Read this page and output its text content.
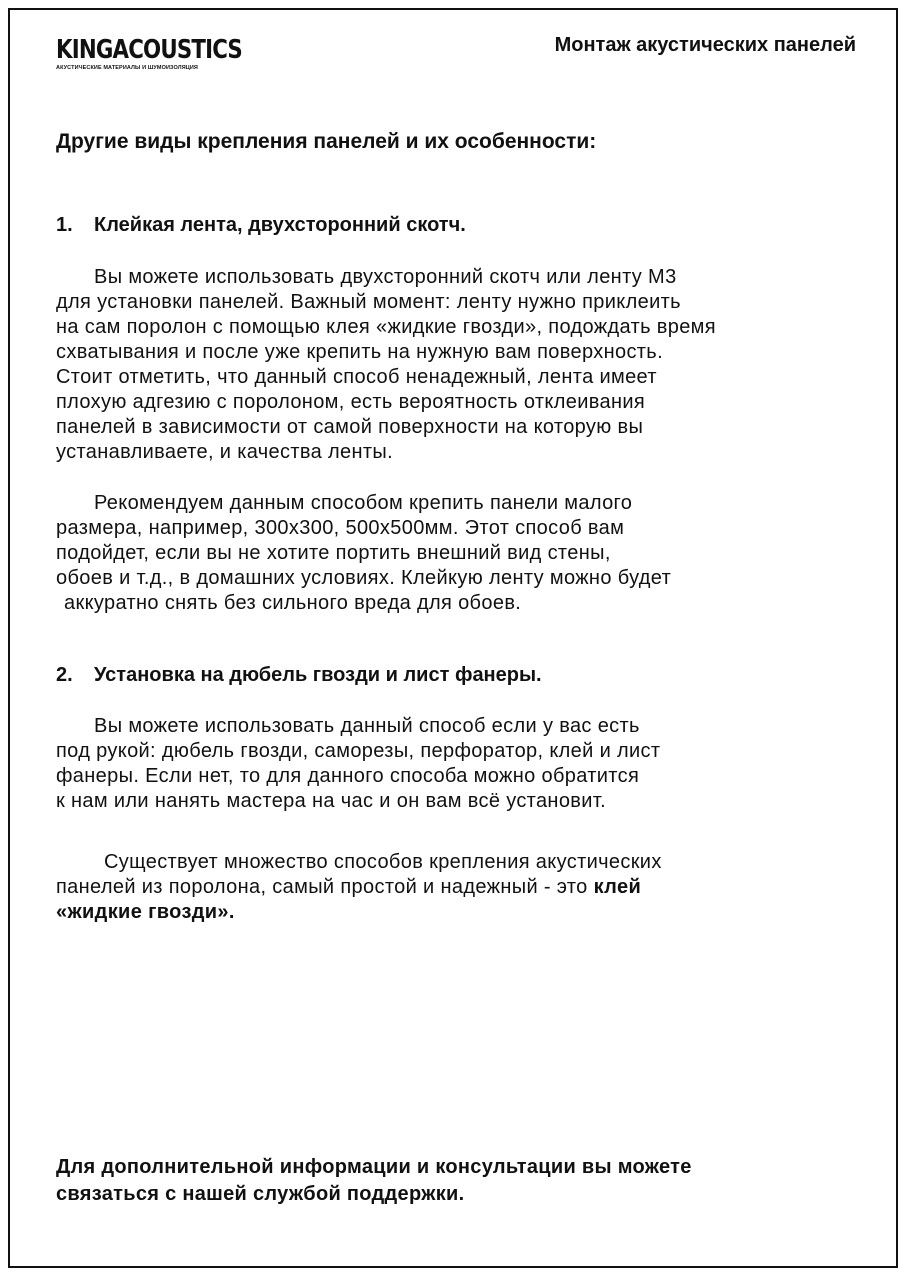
KINGACOUSTICS
АКУСТИЧЕСКИЕ МАТЕРИАЛЫ И ШУМОИЗОЛЯЦИЯ
Монтаж акустических панелей
Другие виды крепления панелей и их особенности:
1. Клейкая лента, двухсторонний скотч.
Вы можете использовать двухсторонний скотч или ленту М3
для установки панелей. Важный момент: ленту нужно приклеить
на сам поролон с помощью клея «жидкие гвозди», подождать время
схватывания и после уже крепить на нужную вам поверхность.
Стоит отметить, что данный способ ненадежный, лента имеет
плохую адгезию с поролоном, есть вероятность отклеивания
панелей в зависимости от самой поверхности на которую вы
устанавливаете, и качества ленты.
Рекомендуем данным способом крепить панели малого
размера, например, 300х300, 500х500мм. Этот способ вам
подойдет, если вы не хотите портить внешний вид стены,
обоев и т.д., в домашних условиях. Клейкую ленту можно будет
аккуратно снять без сильного вреда для обоев.
2. Установка на дюбель гвозди и лист фанеры.
Вы можете использовать данный способ если у вас есть
под рукой: дюбель гвозди, саморезы, перфоратор, клей и лист
фанеры. Если нет, то для данного способа можно обратится
к нам или нанять мастера на час и он вам всё установит.
Существует множество способов крепления акустических
панелей из поролона, самый простой и надежный - это клей
«жидкие гвозди».
Для дополнительной информации и консультации вы можете
связаться с нашей службой поддержки.
